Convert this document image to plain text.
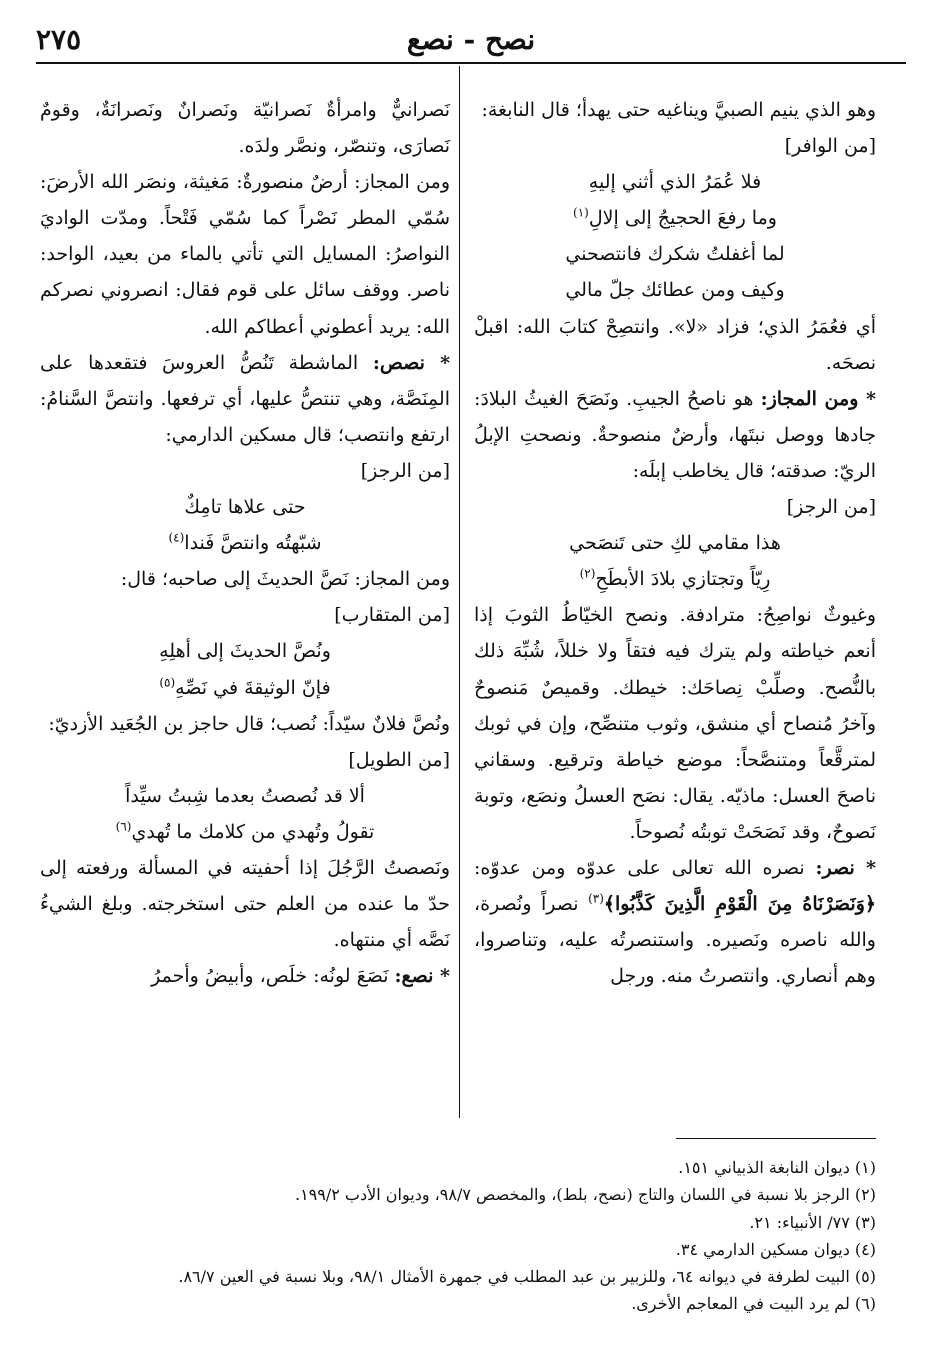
٢٧٥	نصح - نصع

وهو الذي ينيم الصبيَّ ويناغيه حتى يهدأ؛ قال النابغة:

[من الوافر]
فلا عُمَرُ الذي أثني إليهِ
وما رفعَ الحجيجُ إلى إلالِ$^{(١)}$
لما أغفلتُ شكرك فانتصحني
وكيف ومن عطائك جلّ مالي

أي فعُمَرُ الذي؛ فزاد «لا». وانتصِحْ كتابَ الله: اقبلْ نصحَه.

* ومن المجاز: هو ناصحُ الجيبِ. ونَصَحَ الغيثُ البلادَ: جادها ووصل نبتَها، وأرضٌ منصوحةٌ. ونصحتِ الإبلُ الريّ: صدقته؛ قال يخاطب إبلَه:

[من الرجز]
هذا مقامي لكِ حتى تَنصَحي
رِيّاً وتجتازي بلادَ الأبطَحِ$^{(٢)}$

وغيوثٌ نواصِحُ: مترادفة. ونصح الخيّاطُ الثوبَ إذا أنعم خياطته ولم يترك فيه فتقاً ولا خللاً، شُبِّهَ ذلك بالنُّصح. وصلِّبْ نِصاحَك: خيطك. وقميصٌ مَنصوحٌ وآخرُ مُنصاح أي منشق، وثوب متنصِّح، وإن في ثوبك لمترقَّعاً ومتنصَّحاً: موضع خياطة وترقيع. وسقاني ناصحَ العسل: ماذيّه. يقال: نصَح العسلُ ونصَع، وتوبة نَصوحٌ، وقد نَصَحَتْ توبتُه نُصوحاً.

* نصر: نصره الله تعالى على عدوّه ومن عدوّه: ﴿وَنَصَرْنَاهُ مِنَ الْقَوْمِ الَّذِينَ كَذَّبُوا﴾$^{(٣)}$ نصراً ونُصرة، والله ناصره ونَصيره. واستنصرتُه عليه، وتناصروا، وهم أنصاري. وانتصرتُ منه. ورجل

نَصرانيٌّ وامرأةٌ نَصرانيّة ونَصرانٌ ونَصرانَةٌ، وقومٌ نَصارَى، وتنصّر، ونصَّر ولدَه.

ومن المجاز: أرضٌ منصورةٌ: مَغيثة، ونصَر الله الأرضَ: سُمّي المطر نَصْراً كما سُمّي فَتْحاً. ومدّت الواديَ النواصرُ: المسايل التي تأتي بالماء من بعيد، الواحد: ناصر. ووقف سائل على قوم فقال: انصروني نصركم الله: يريد أعطوني أعطاكم الله.

* نصص: الماشطة تَنُصُّ العروسَ فتقعدها على المِنَصَّة، وهي تنتصُّ عليها، أي ترفعها. وانتصَّ السَّنامُ: ارتفع وانتصب؛ قال مسكين الدارمي:

[من الرجز]
حتى علاها تامِكٌ
شبّهتُه وانتصَّ فَندا$^{(٤)}$

ومن المجاز: نَصَّ الحديثَ إلى صاحبه؛ قال:

[من المتقارب]
ونُصَّ الحديثَ إلى أهلِهِ
فإنّ الوثيقةَ في نَصِّهِ$^{(٥)}$

ونُصَّ فلانٌ سيّداً: نُصب؛ قال حاجز بن الجُعَيد الأزديّ:

[من الطويل]
ألا قد نُصصتُ بعدما شِبتُ سيِّداً
تقولُ وتُهدي من كلامك ما تُهدي$^{(٦)}$

ونَصصتُ الرَّجُلَ إذا أحفيته في المسألة ورفعته إلى حدّ ما عنده من العلم حتى استخرجته. وبلغ الشيءُ نَصَّه أي منتهاه.

* نصع: نَصَعَ لونُه: خلَص، وأبيضُ وأحمرُ

(١) ديوان النابغة الذبياني ١٥١.
(٢) الرجز بلا نسبة في اللسان والتاج (نصح، بلط)، والمخصص ٩٨/٧، وديوان الأدب ١٩٩/٢.
(٣) ٧٧/ الأنبياء: ٢١.
(٤) ديوان مسكين الدارمي ٣٤.
(٥) البيت لطرفة في ديوانه ٦٤، وللزبير بن عبد المطلب في جمهرة الأمثال ٩٨/١، وبلا نسبة في العين ٨٦/٧.
(٦) لم يرد البيت في المعاجم الأخرى.
